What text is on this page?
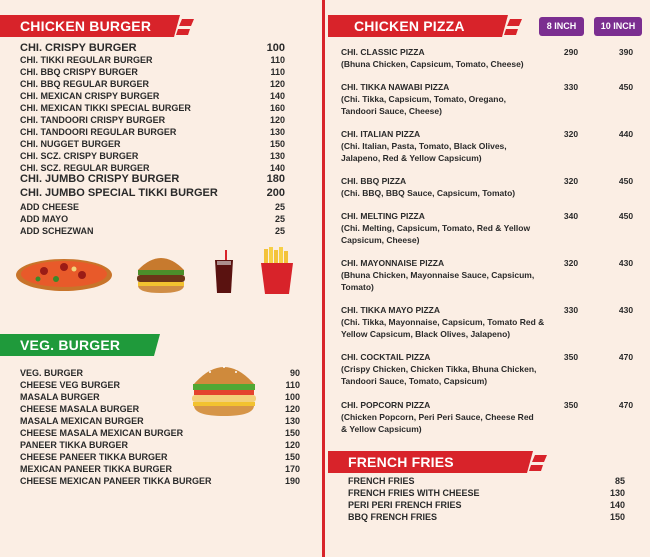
CHICKEN BURGER
CHI. CRISPY BURGER	100
CHI. TIKKI REGULAR BURGER	110
CHI. BBQ CRISPY BURGER	110
CHI. BBQ REGULAR BURGER	120
CHI. MEXICAN CRISPY BURGER	140
CHI. MEXICAN TIKKI SPECIAL BURGER	160
CHI. TANDOORI CRISPY BURGER	120
CHI. TANDOORI REGULAR BURGER	130
CHI. NUGGET BURGER	150
CHI. SCZ. CRISPY BURGER	130
CHI. SCZ. REGULAR BURGER	140
CHI. JUMBO CRISPY BURGER	180
CHI. JUMBO SPECIAL TIKKI BURGER	200
ADD CHEESE	25
ADD MAYO	25
ADD SCHEZWAN	25
VEG. BURGER
VEG. BURGER	90
CHEESE VEG BURGER	110
MASALA BURGER	100
CHEESE MASALA BURGER	120
MASALA MEXICAN BURGER	130
CHEESE MASALA MEXICAN BURGER	150
PANEER TIKKA BURGER	120
CHEESE PANEER TIKKA BURGER	150
MEXICAN PANEER TIKKA BURGER	170
CHEESE MEXICAN PANEER TIKKA BURGER	190
CHICKEN PIZZA	8 INCH	10 INCH
CHI. CLASSIC PIZZA
(Bhuna Chicken, Capsicum, Tomato, Cheese)
290	390
CHI. TIKKA NAWABI PIZZA
(Chi. Tikka, Capsicum, Tomato, Oregano, Tandoori Sauce, Cheese)
330	450
CHI. ITALIAN PIZZA
(Chi. Italian, Pasta, Tomato, Black Olives, Jalapeno, Red & Yellow Capsicum)
320	440
CHI. BBQ PIZZA
(Chi. BBQ, BBQ Sauce, Capsicum, Tomato)
320	450
CHI. MELTING PIZZA
(Chi. Melting, Capsicum, Tomato, Red & Yellow Capsicum, Cheese)
340	450
CHI. MAYONNAISE PIZZA
(Bhuna Chicken, Mayonnaise Sauce, Capsicum, Tomato)
320	430
CHI. TIKKA MAYO PIZZA
(Chi. Tikka, Mayonnaise, Capsicum, Tomato Red & Yellow Capsicum, Black Olives, Jalapeno)
330	430
CHI. COCKTAIL PIZZA
(Crispy Chicken, Chicken Tikka, Bhuna Chicken, Tandoori Sauce, Tomato, Capsicum)
350	470
CHI. POPCORN PIZZA
(Chicken Popcorn, Peri Peri Sauce, Cheese Red & Yellow Capsicum)
350	470
FRENCH FRIES
FRENCH FRIES	85
FRENCH FRIES WITH CHEESE	130
PERI PERI FRENCH FRIES	140
BBQ FRENCH FRIES	150
